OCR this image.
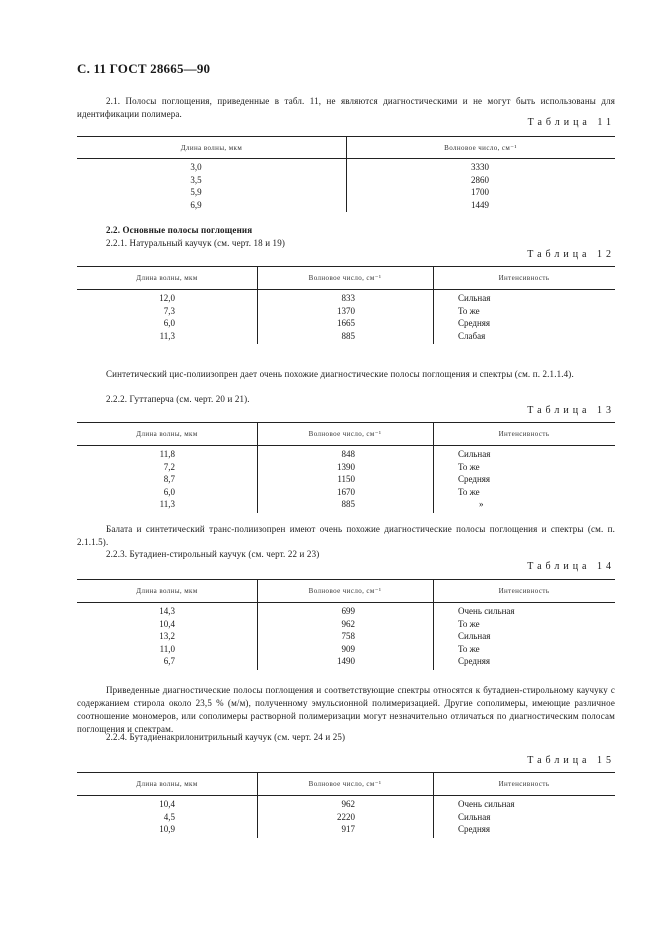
С. 11 ГОСТ 28665—90
2.1. Полосы поглощения, приведенные в табл. 11, не являются диагностическими и не могут быть использованы для идентификации полимера.
Таблица 11
Длина волны, мкм	Волновое число, см⁻¹
3,0	3330
3,5	2860
5,9	1700
6,9	1449
2.2. Основные полосы поглощения
2.2.1. Натуральный каучук (см. черт. 18 и 19)
Таблица 12
Длина волны, мкм	Волновое число, см⁻¹	Интенсивность
12,0	833	Сильная
7,3	1370	То же
6,0	1665	Средняя
11,3	885	Слабая
Синтетический цис-полиизопрен дает очень похожие диагностические полосы поглощения и спектры (см. п. 2.1.1.4).
2.2.2. Гуттаперча (см. черт. 20 и 21).
Таблица 13
Длина волны, мкм	Волновое число, см⁻¹	Интенсивность
11,8	848	Сильная
7,2	1390	То же
8,7	1150	Средняя
6,0	1670	То же
11,3	885	»
Балата и синтетический транс-полиизопрен имеют очень похожие диагностические полосы поглощения и спектры (см. п. 2.1.1.5).
2.2.3. Бутадиен-стирольный каучук (см. черт. 22 и 23)
Таблица 14
Длина волны, мкм	Волновое число, см⁻¹	Интенсивность
14,3	699	Очень сильная
10,4	962	То же
13,2	758	Сильная
11,0	909	То же
6,7	1490	Средняя
Приведенные диагностические полосы поглощения и соответствующие спектры относятся к бутадиен-стирольному каучуку с содержанием стирола около 23,5 % (м/м), полученному эмульсионной полимеризацией. Другие сополимеры, имеющие различное соотношение мономеров, или сополимеры растворной полимеризации могут незначительно отличаться по диагностическим полосам поглощения и спектрам.
2.2.4. Бутадиенакрилонитрильный каучук (см. черт. 24 и 25)
Таблица 15
Длина волны, мкм	Волновое число, см⁻¹	Интенсивность
10,4	962	Очень сильная
4,5	2220	Сильная
10,9	917	Средняя
